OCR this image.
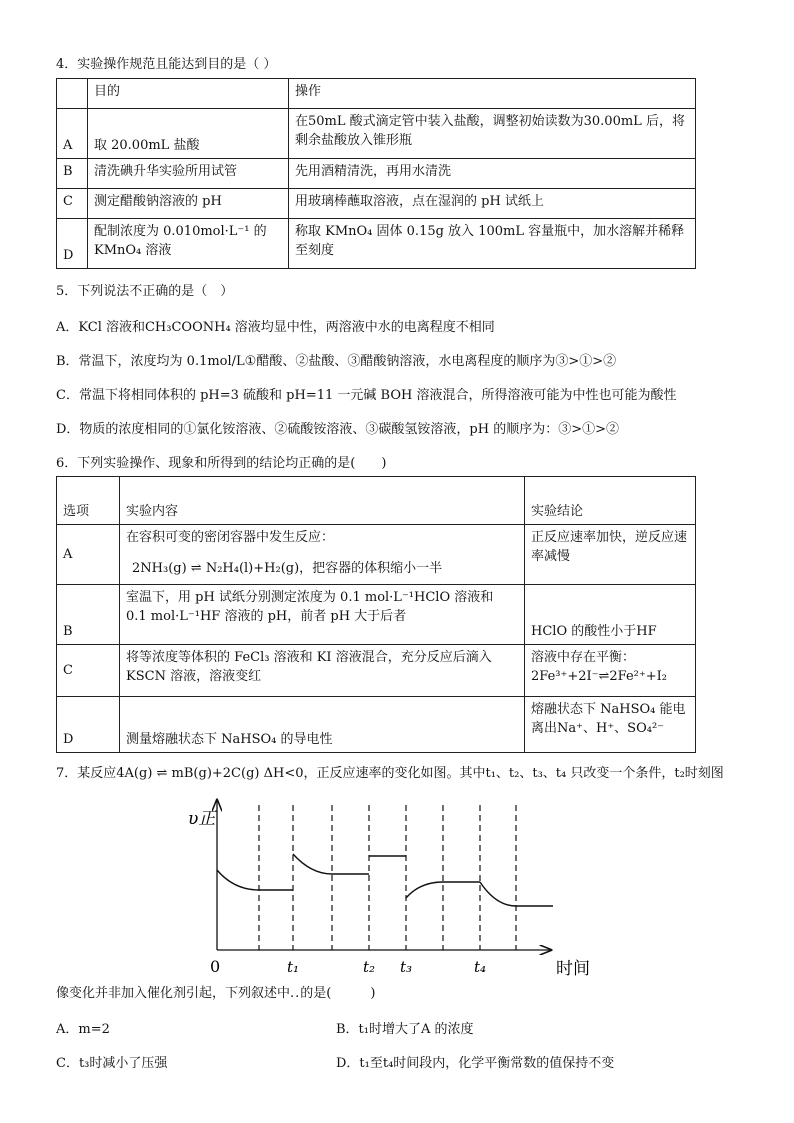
4．实验操作规范且能达到目的是（ ）
	目的	操作
A	取 20.00mL 盐酸	在50mL 酸式滴定管中装入盐酸，调整初始读数为30.00mL 后，将剩余盐酸放入锥形瓶
B	清洗碘升华实验所用试管	先用酒精清洗，再用水清洗
C	测定醋酸钠溶液的 pH	用玻璃棒蘸取溶液，点在湿润的 pH 试纸上
D	配制浓度为 0.010mol·L⁻¹ 的 KMnO₄ 溶液	称取 KMnO₄ 固体 0.15g 放入 100mL 容量瓶中，加水溶解并稀释至刻度
5．下列说法不正确的是（　）
A．KCl 溶液和CH₃COONH₄ 溶液均显中性，两溶液中水的电离程度不相同
B．常温下，浓度均为 0.1mol/L①醋酸、②盐酸、③醋酸钠溶液，水电离程度的顺序为③>①>②
C．常温下将相同体积的 pH=3 硫酸和 pH=11 一元碱 BOH 溶液混合，所得溶液可能为中性也可能为酸性
D．物质的浓度相同的①氯化铵溶液、②硫酸铵溶液、③碳酸氢铵溶液，pH 的顺序为：③>①>②
6．下列实验操作、现象和所得到的结论均正确的是(　　)
选项	实验内容	实验结论
A	在容积可变的密闭容器中发生反应：
2NH₃(g) ⇌ N₂H₄(l)+H₂(g)，把容器的体积缩小一半	正反应速率加快，逆反应速率减慢
B	室温下，用 pH 试纸分别测定浓度为 0.1 mol·L⁻¹HClO 溶液和 0.1 mol·L⁻¹HF 溶液的 pH，前者 pH 大于后者	HClO 的酸性小于HF
C	将等浓度等体积的 FeCl₃ 溶液和 KI 溶液混合，充分反应后滴入 KSCN 溶液，溶液变红	溶液中存在平衡：2Fe³⁺+2I⁻⇌2Fe²⁺+I₂
D	测量熔融状态下 NaHSO₄ 的导电性	熔融状态下 NaHSO₄ 能电离出Na⁺、H⁺、SO₄²⁻
7．某反应4A(g) ⇌ mB(g)+2C(g) ΔH<0，正反应速率的变化如图。其中t₁、t₂、t₃、t₄ 只改变一个条件，t₂时刻图
υ正
0	t₁	t₂ t₃	t₄	时间
像变化并非加入催化剂引起，下列叙述中..的是(　　　)
A．m=2	B．t₁时增大了A 的浓度
C．t₃时减小了压强	D．t₁至t₄时间段内，化学平衡常数的值保持不变
